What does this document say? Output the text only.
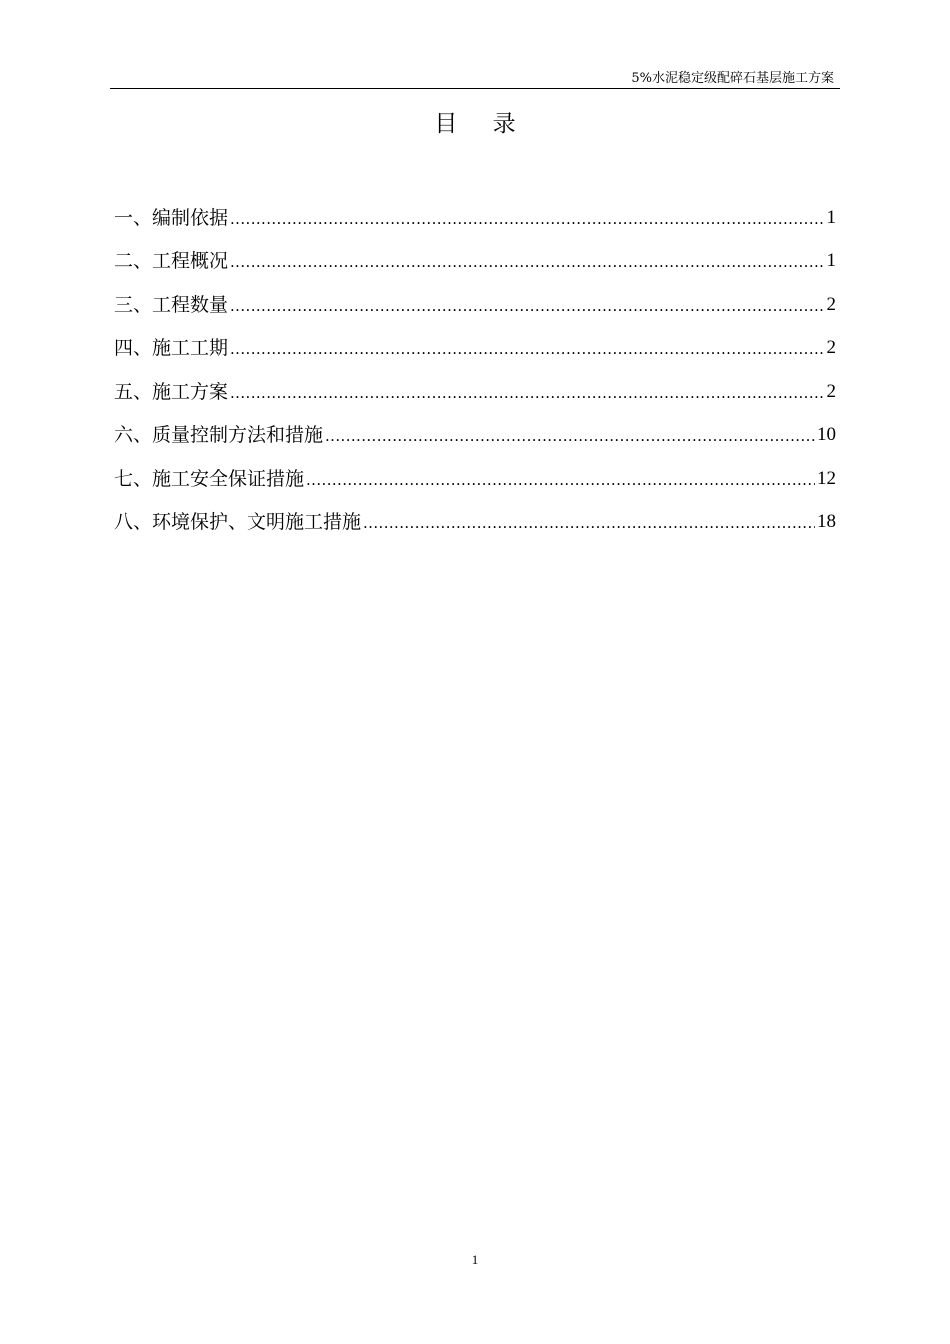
5%水泥稳定级配碎石基层施工方案
目 录
一、编制依据 .....	1
二、工程概况 .....	1
三、工程数量 .....	2
四、施工工期 .....	2
五、施工方案 .....	2
六、质量控制方法和措施 .....	10
七、施工安全保证措施 .....	12
八、环境保护、文明施工措施 .....	18
1
